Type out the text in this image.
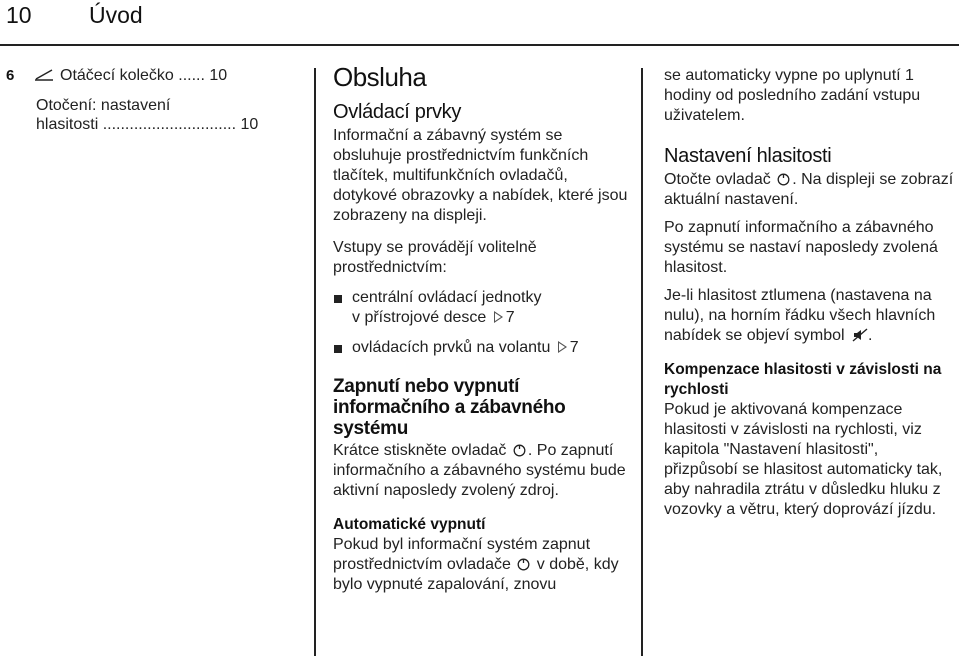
10 Úvod
6	Otáčecí kolečko ...... 10
Otočení: nastavení
hlasitosti .............................. 10
Obsluha
Ovládací prvky

Informační a zábavný systém se obsluhuje prostřednictvím funkčních tlačítek, multifunkčních ovladačů, dotykové obrazovky a nabídek, které jsou zobrazeny na displeji.

Vstupy se provádějí volitelně
prostřednictvím:

centrální ovládací jednotky
v přístrojové desce 7
ovládacích prvků na volantu 7
Zapnutí nebo vypnutí
informačního a zábavného
systému

Krátce stiskněte ovladač . Po zapnutí informačního a zábavného systému bude aktivní naposledy zvolený zdroj.

Automatické vypnutí

Pokud byl informační systém zapnut prostřednictvím ovladače v době, kdy bylo vypnuté zapalování, znovu

se automaticky vypne po uplynutí 1 hodiny od posledního zadání vstupu uživatelem.

Nastavení hlasitosti

Otočte ovladač . Na displeji se zobrazí aktuální nastavení.

Po zapnutí informačního a zábavného systému se nastaví naposledy zvolená hlasitost.

Je-li hlasitost ztlumena (nastavena na nulu), na horním řádku všech hlavních nabídek se objeví symbol .

Kompenzace hlasitosti v závislosti na rychlosti

Pokud je aktivovaná kompenzace hlasitosti v závislosti na rychlosti, viz kapitola "Nastavení hlasitosti", přizpůsobí se hlasitost automaticky tak, aby nahradila ztrátu v důsledku hluku z vozovky a větru, který doprovází jízdu.
